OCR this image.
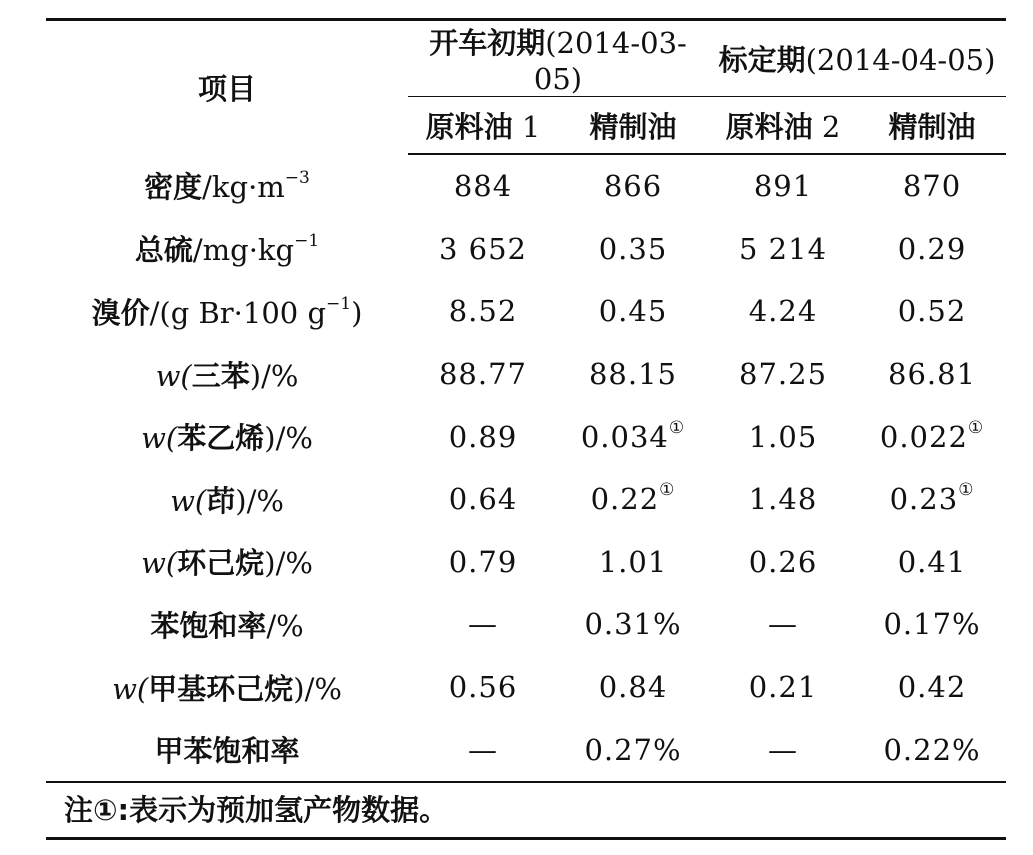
项目	开车初期(2014-03-05)		标定期(2014-04-05)	
	原料油 1	精制油	原料油 2	精制油
密度$/kg\cdot m^{-3}$	884	866	891	870
总硫$/mg\cdot kg^{-1}$	3 652	0.35	5 214	0.29
溴价/(g Br·100 $g^{-1}$)	8.52	0.45	4.24	0.52
w(三苯)/%	88.77	88.15	87.25	86.81
w(苯乙烯)/%	0.89	0.034①	1.05	0.022①
w(茚)/%	0.64	0.22①	1.48	0.23①
w(环己烷)/%	0.79	1.01	0.26	0.41
苯饱和率/%	—	0.31%	—	0.17%
w(甲基环己烷)/%	0.56	0.84	0.21	0.42
甲苯饱和率	—	0.27%	—	0.22%
注①:表示为预加氢产物数据。
